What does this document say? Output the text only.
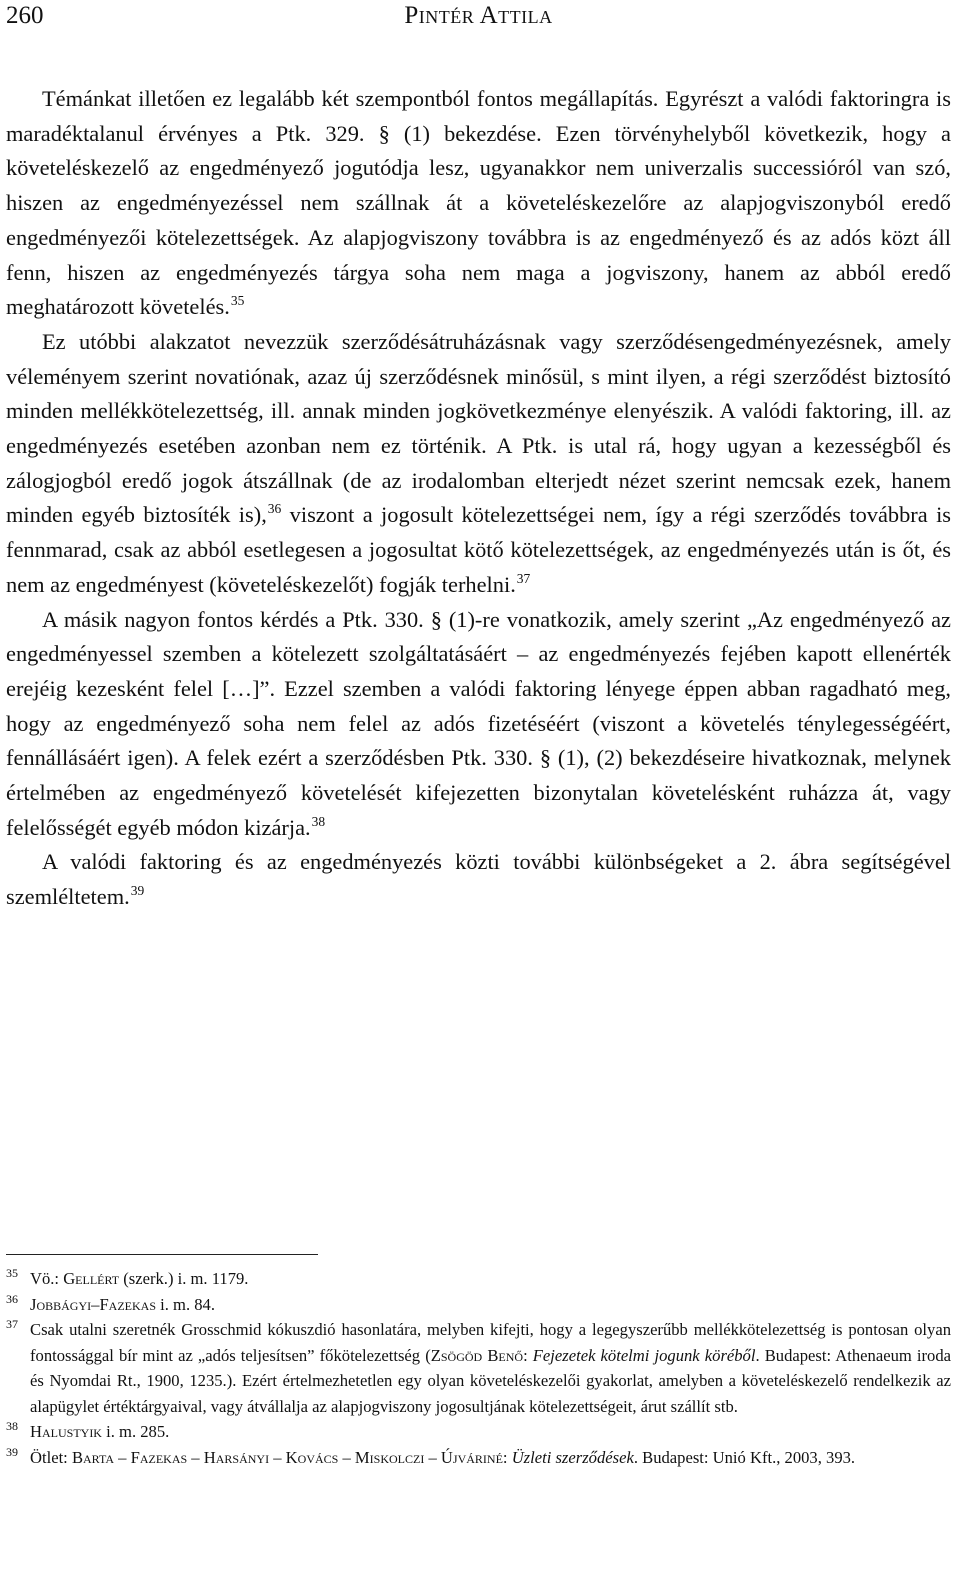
260	Pintér Attila

Témánkat illetően ez legalább két szempontból fontos megállapítás. Egyrészt a valódi faktoringra is maradéktalanul érvényes a Ptk. 329. § (1) bekezdése. Ezen törvényhelyből következik, hogy a követeléskezelő az engedményező jogutódja lesz, ugyanakkor nem univerzalis successióról van szó, hiszen az engedményezéssel nem szállnak át a követeléskezelőre az alapjogviszonyból eredő engedményezői kötelezettségek. Az alapjogviszony továbbra is az engedményező és az adós közt áll fenn, hiszen az engedményezés tárgya soha nem maga a jogviszony, hanem az abból eredő meghatározott követelés.$^{35}$

Ez utóbbi alakzatot nevezzük szerződésátruházásnak vagy szerződésengedményezésnek, amely véleményem szerint novatiónak, azaz új szerződésnek minősül, s mint ilyen, a régi szerződést biztosító minden mellékkötelezettség, ill. annak minden jogkövetkezménye elenyészik. A valódi faktoring, ill. az engedményezés esetében azonban nem ez történik. A Ptk. is utal rá, hogy ugyan a kezességből és zálogjogból eredő jogok átszállnak (de az irodalomban elterjedt nézet szerint nemcsak ezek, hanem minden egyéb biztosíték is),$^{36}$ viszont a jogosult kötelezettségei nem, így a régi szerződés továbbra is fennmarad, csak az abból esetlegesen a jogosultat kötő kötelezettségek, az engedményezés után is őt, és nem az engedményest (követeléskezelőt) fogják terhelni.$^{37}$

A másik nagyon fontos kérdés a Ptk. 330. § (1)-re vonatkozik, amely szerint „Az engedményező az engedményessel szemben a kötelezett szolgáltatásáért – az engedményezés fejében kapott ellenérték erejéig kezesként felel […]”. Ezzel szemben a valódi faktoring lényege éppen abban ragadható meg, hogy az engedményező soha nem felel az adós fizetéséért (viszont a követelés ténylegességéért, fennállásáért igen). A felek ezért a szerződésben Ptk. 330. § (1), (2) bekezdéseire hivatkoznak, melynek értelmében az engedményező követelését kifejezetten bizonytalan követelésként ruházza át, vagy felelősségét egyéb módon kizárja.$^{38}$

A valódi faktoring és az engedményezés közti további különbségeket a 2. ábra segítségével szemléltetem.$^{39}$

35 Vö.: Gellért (szerk.) i. m. 1179.
36 Jobbágyi–Fazekas i. m. 84.
37 Csak utalni szeretnék Grosschmid kókuszdió hasonlatára, melyben kifejti, hogy a legegyszerűbb mellékkötelezettség is pontosan olyan fontossággal bír mint az „adós teljesítsen” főkötelezettség (Zsögöd Benő: Fejezetek kötelmi jogunk köréből. Budapest: Athenaeum iroda és Nyomdai Rt., 1900, 1235.). Ezért értelmezhetetlen egy olyan követeléskezelői gyakorlat, amelyben a követeléskezelő rendelkezik az alapügylet értéktárgyaival, vagy átvállalja az alapjogviszony jogosultjának kötelezettségeit, árut szállít stb.
38 Halustyik i. m. 285.
39 Ötlet: Barta – Fazekas – Harsányi – Kovács – Miskolczi – Újváriné: Üzleti szerződések. Budapest: Unió Kft., 2003, 393.
